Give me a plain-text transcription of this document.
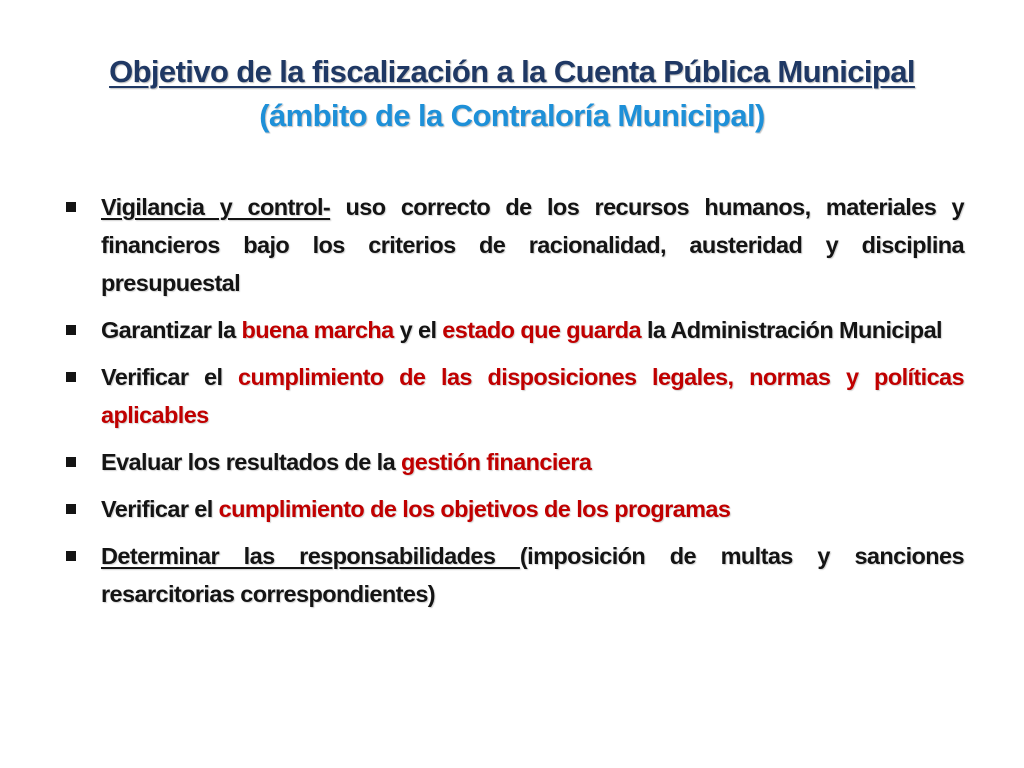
Objetivo de la fiscalización a la Cuenta Pública Municipal (ámbito de la Contraloría Municipal)
Vigilancia y control- uso correcto de los recursos humanos, materiales y financieros bajo los criterios de racionalidad, austeridad y disciplina presupuestal
Garantizar la buena marcha y el estado que guarda la Administración Municipal
Verificar el cumplimiento de las disposiciones legales, normas y políticas aplicables
Evaluar los resultados de la gestión financiera
Verificar el cumplimiento de los objetivos de los programas
Determinar las responsabilidades (imposición de multas y sanciones resarcitorias correspondientes)
